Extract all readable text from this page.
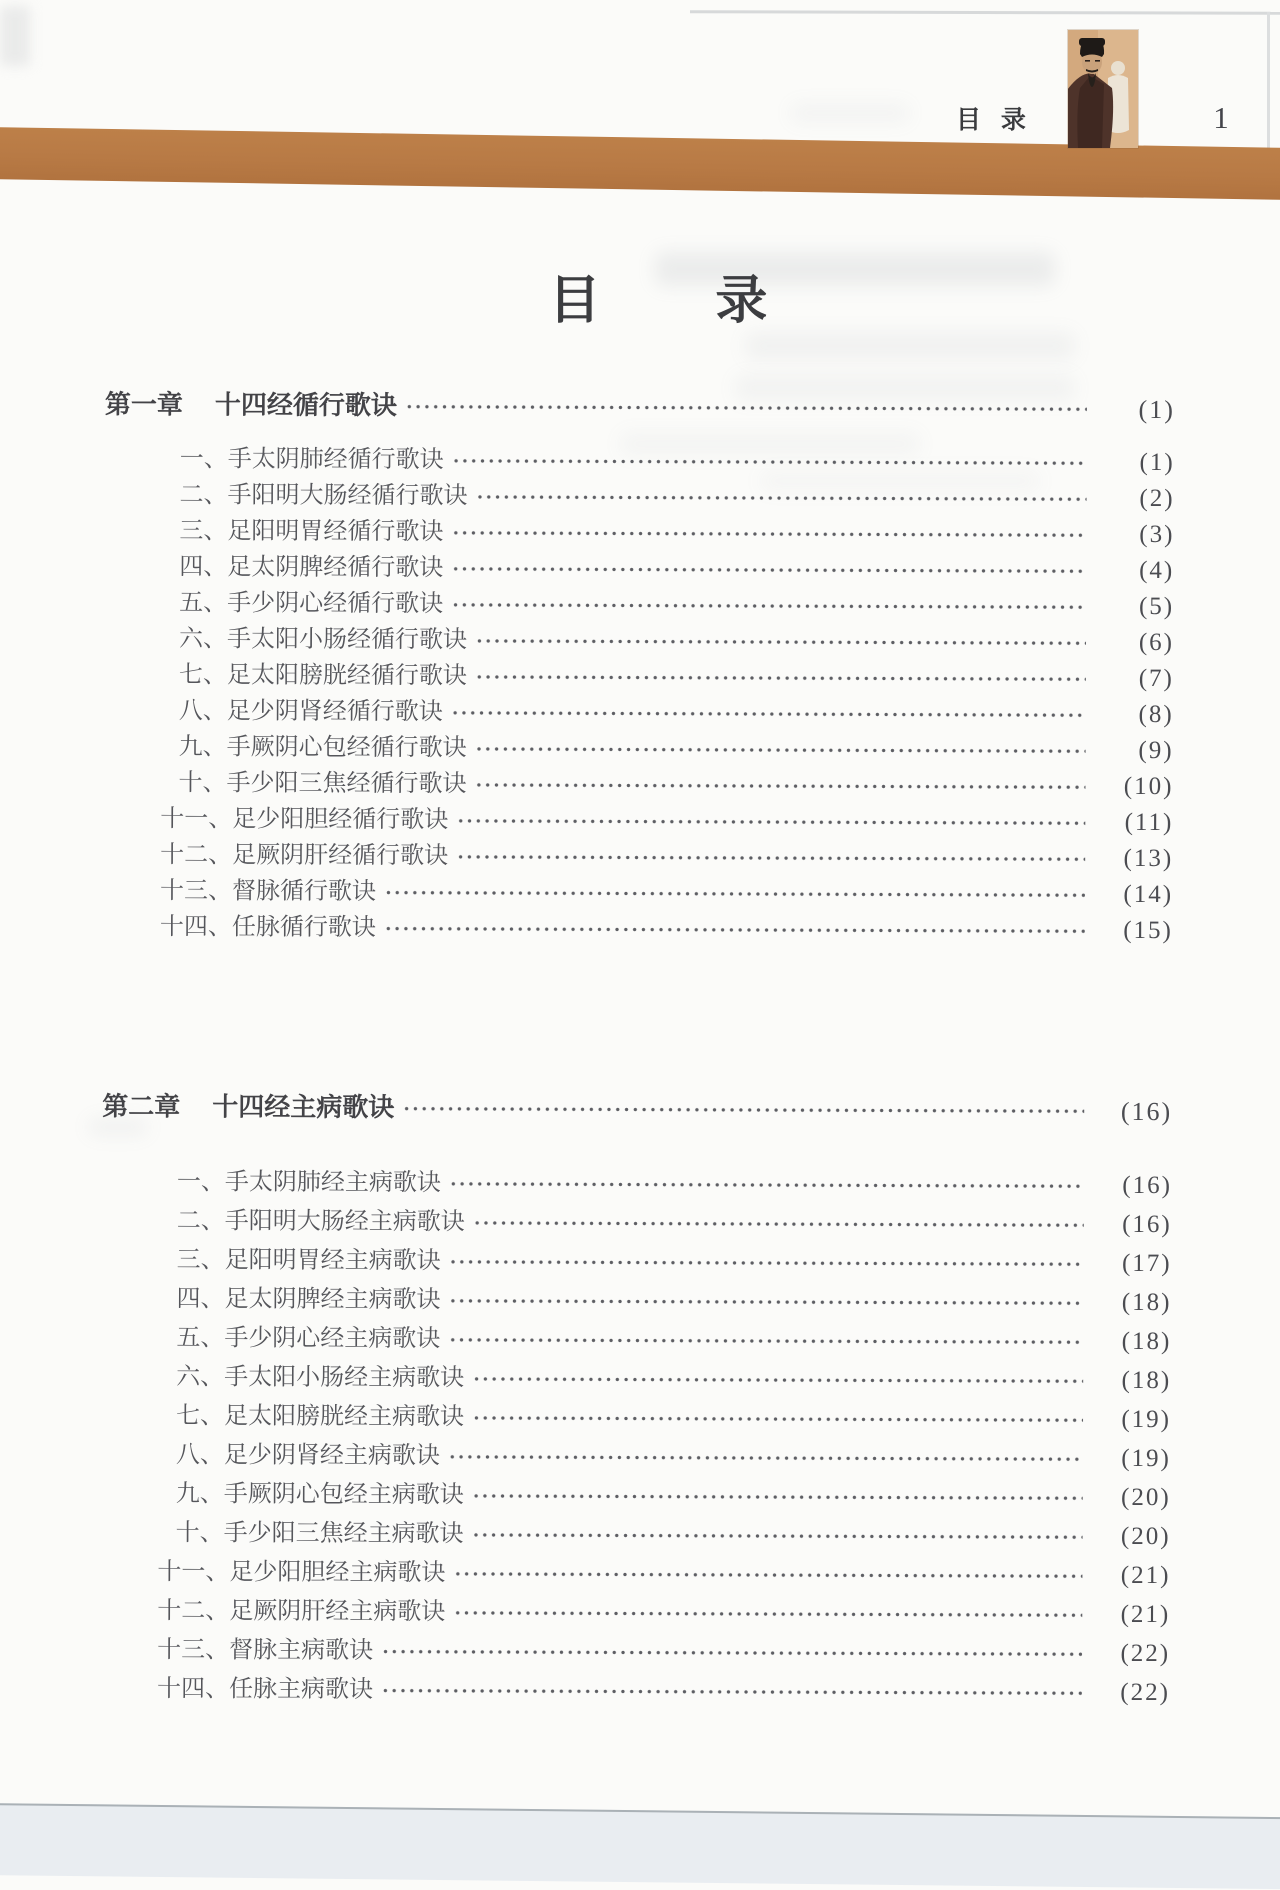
目  录	1
目      录
第一章 十四经循行歌诀	(1)
一、手太阴肺经循行歌诀	(1)
二、手阳明大肠经循行歌诀	(2)
三、足阳明胃经循行歌诀	(3)
四、足太阴脾经循行歌诀	(4)
五、手少阴心经循行歌诀	(5)
六、手太阳小肠经循行歌诀	(6)
七、足太阳膀胱经循行歌诀	(7)
八、足少阴肾经循行歌诀	(8)
九、手厥阴心包经循行歌诀	(9)
十、手少阳三焦经循行歌诀	(10)
十一、足少阳胆经循行歌诀	(11)
十二、足厥阴肝经循行歌诀	(13)
十三、督脉循行歌诀	(14)
十四、任脉循行歌诀	(15)
第二章 十四经主病歌诀	(16)
一、手太阴肺经主病歌诀	(16)
二、手阳明大肠经主病歌诀	(16)
三、足阳明胃经主病歌诀	(17)
四、足太阴脾经主病歌诀	(18)
五、手少阴心经主病歌诀	(18)
六、手太阳小肠经主病歌诀	(18)
七、足太阳膀胱经主病歌诀	(19)
八、足少阴肾经主病歌诀	(19)
九、手厥阴心包经主病歌诀	(20)
十、手少阳三焦经主病歌诀	(20)
十一、足少阳胆经主病歌诀	(21)
十二、足厥阴肝经主病歌诀	(21)
十三、督脉主病歌诀	(22)
十四、任脉主病歌诀	(22)
